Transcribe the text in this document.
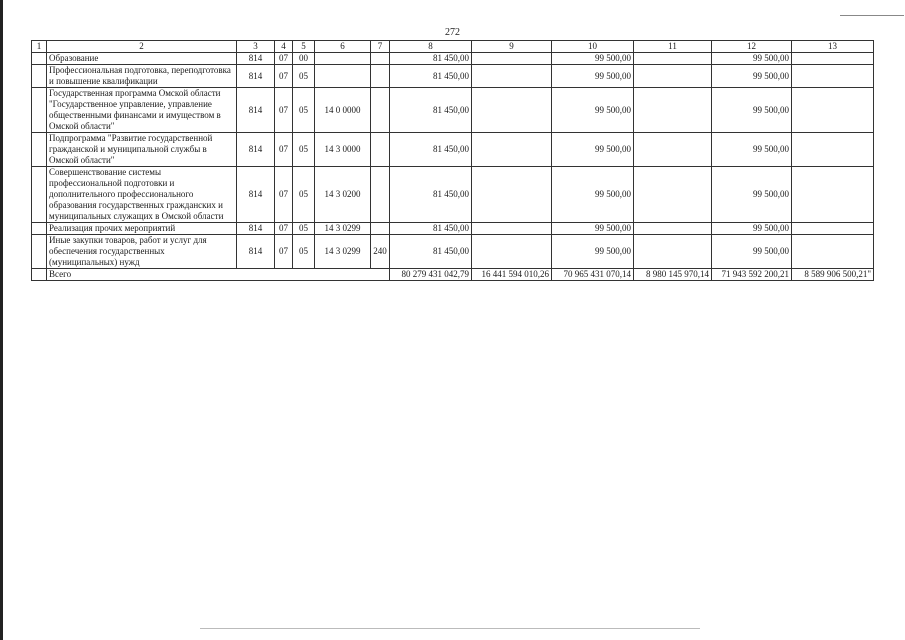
272
1	2	3	4	5	6	7	8	9	10	11	12	13
	Образование	814	07	00			81 450,00		99 500,00		99 500,00	
	Профессиональная подготовка, переподготовка и повышение квалификации	814	07	05			81 450,00		99 500,00		99 500,00	
	Государственная программа Омской области "Государственное управление, управление общественными финансами и имуществом в Омской области"	814	07	05	14 0 0000		81 450,00		99 500,00		99 500,00	
	Подпрограмма "Развитие государственной гражданской и муниципальной службы в Омской области"	814	07	05	14 3 0000		81 450,00		99 500,00		99 500,00	
	Совершенствование системы профессиональной подготовки и дополнительного профессионального образования государственных гражданских и муниципальных служащих в Омской области	814	07	05	14 3 0200		81 450,00		99 500,00		99 500,00	
	Реализация прочих мероприятий	814	07	05	14 3 0299		81 450,00		99 500,00		99 500,00	
	Иные закупки товаров, работ и услуг для обеспечения государственных (муниципальных) нужд	814	07	05	14 3 0299	240	81 450,00		99 500,00		99 500,00	
	Всего						80 279 431 042,79	16 441 594 010,26	70 965 431 070,14	8 980 145 970,14	71 943 592 200,21	8 589 906 500,21"
